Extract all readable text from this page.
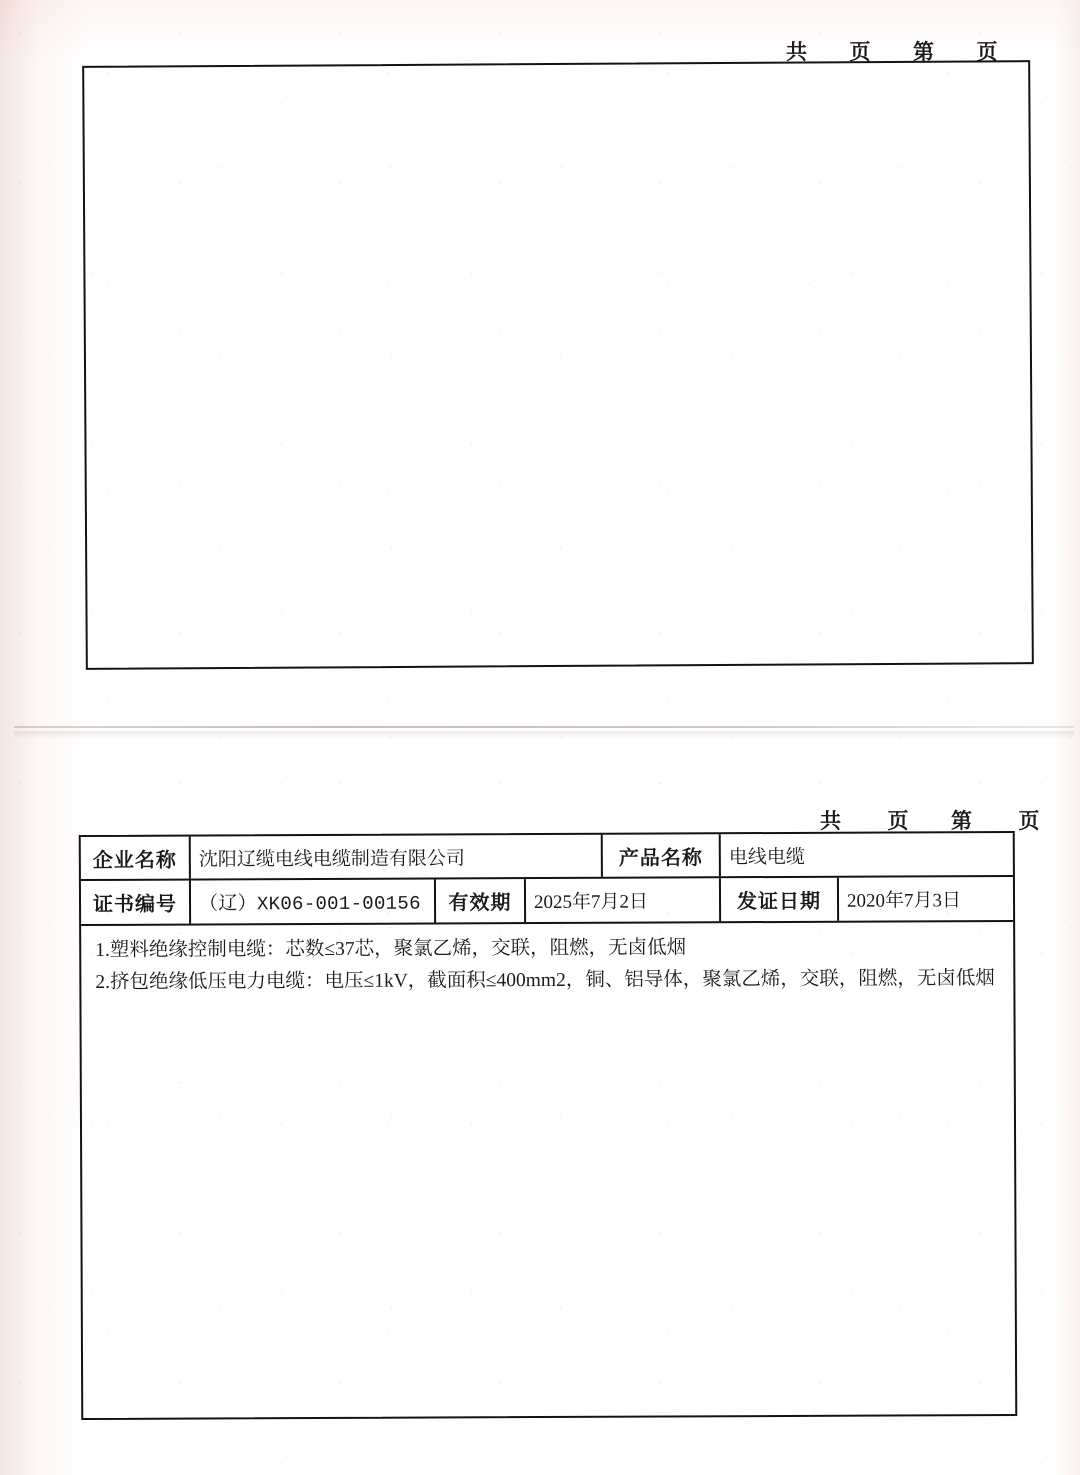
共 页 第 页
共 页 第 页
企业名称	沈阳辽缆电线电缆制造有限公司	产品名称	电线电缆
证书编号	（辽）XK06-001-00156	有效期	2025年7月2日	发证日期	2020年7月3日
1.塑料绝缘控制电缆：芯数≤37芯，聚氯乙烯，交联，阻燃，无卤低烟
2.挤包绝缘低压电力电缆：电压≤1kV，截面积≤400mm2，铜、铝导体，聚氯乙烯，交联，阻燃，无卤低烟
